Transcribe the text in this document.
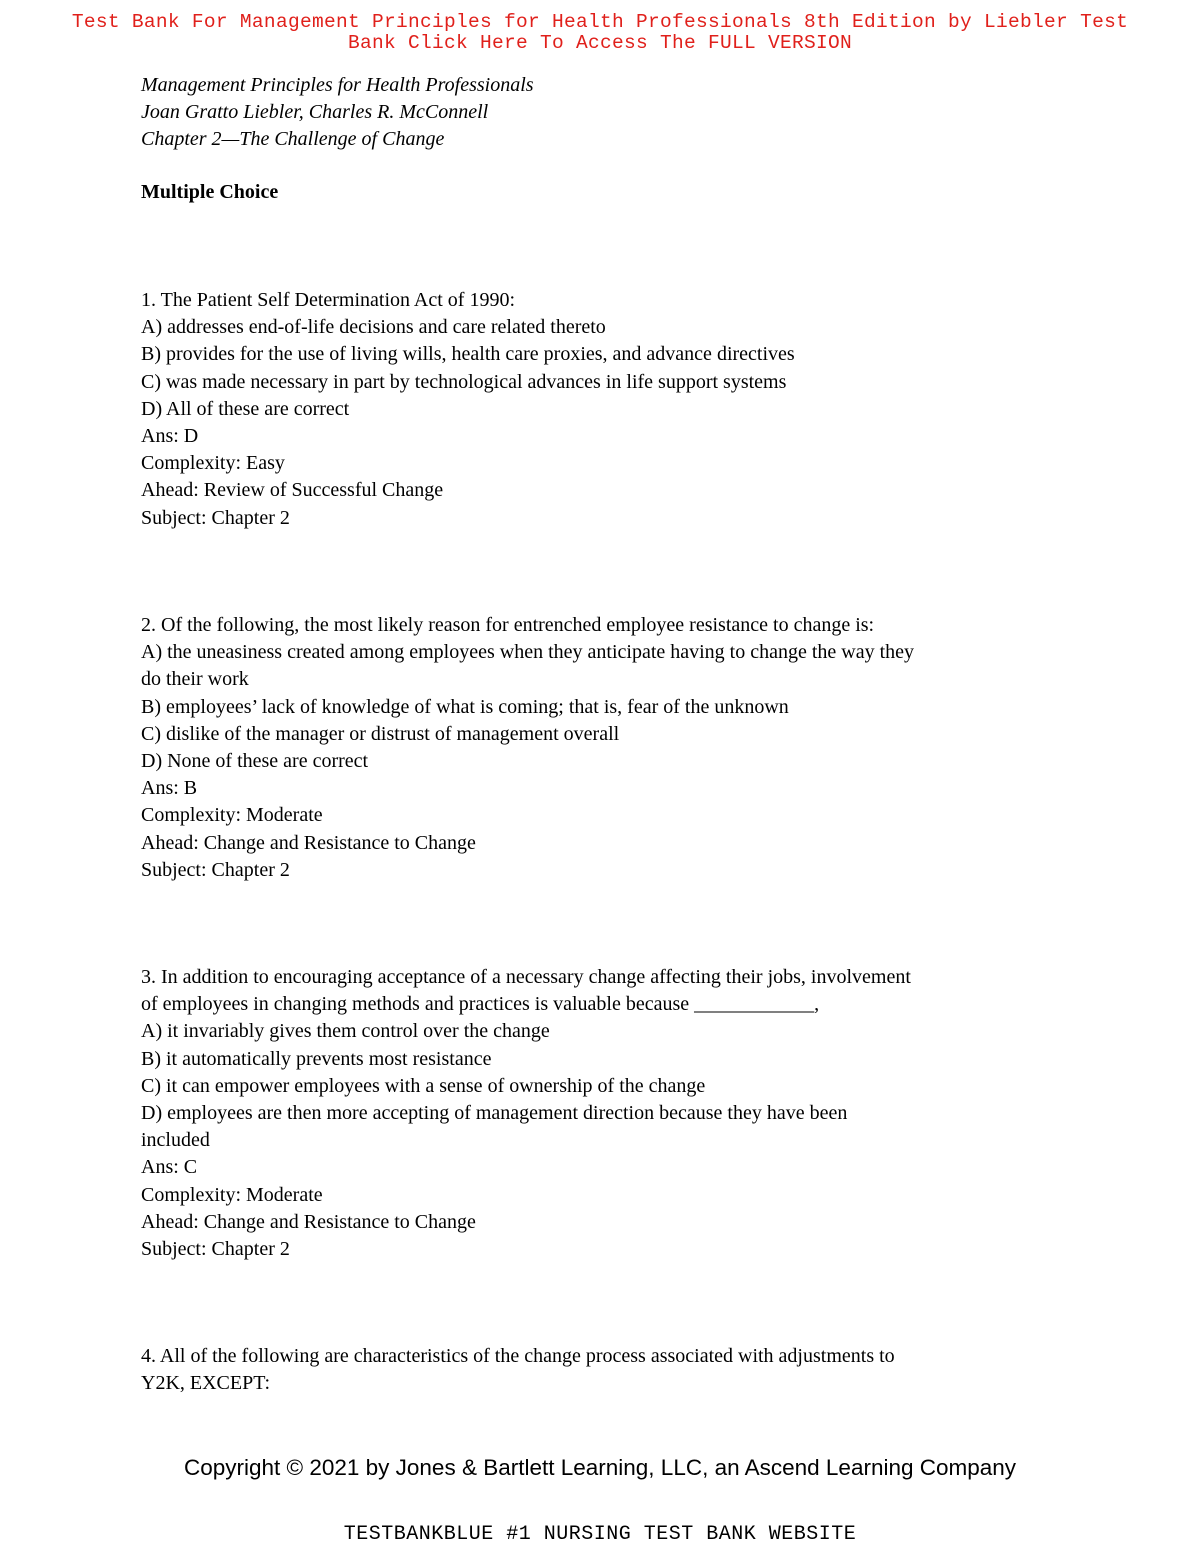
Test Bank For Management Principles for Health Professionals 8th Edition by Liebler Test
Bank Click Here To Access The FULL VERSION
Management Principles for Health Professionals
Joan Gratto Liebler, Charles R. McConnell
Chapter 2—The Challenge of Change
Multiple Choice
1. The Patient Self Determination Act of 1990:
A) addresses end-of-life decisions and care related thereto
B) provides for the use of living wills, health care proxies, and advance directives
C) was made necessary in part by technological advances in life support systems
D) All of these are correct
Ans: D
Complexity: Easy
Ahead: Review of Successful Change
Subject: Chapter 2
2. Of the following, the most likely reason for entrenched employee resistance to change is:
A) the uneasiness created among employees when they anticipate having to change the way they
do their work
B) employees’ lack of knowledge of what is coming; that is, fear of the unknown
C) dislike of the manager or distrust of management overall
D) None of these are correct
Ans: B
Complexity: Moderate
Ahead: Change and Resistance to Change
Subject: Chapter 2
3. In addition to encouraging acceptance of a necessary change affecting their jobs, involvement
of employees in changing methods and practices is valuable because ____________,
A) it invariably gives them control over the change
B) it automatically prevents most resistance
C) it can empower employees with a sense of ownership of the change
D) employees are then more accepting of management direction because they have been
included
Ans: C
Complexity: Moderate
Ahead: Change and Resistance to Change
Subject: Chapter 2
4. All of the following are characteristics of the change process associated with adjustments to
Y2K, EXCEPT:
Copyright © 2021 by Jones & Bartlett Learning, LLC, an Ascend Learning Company
TESTBANKBLUE #1 NURSING TEST BANK WEBSITE
